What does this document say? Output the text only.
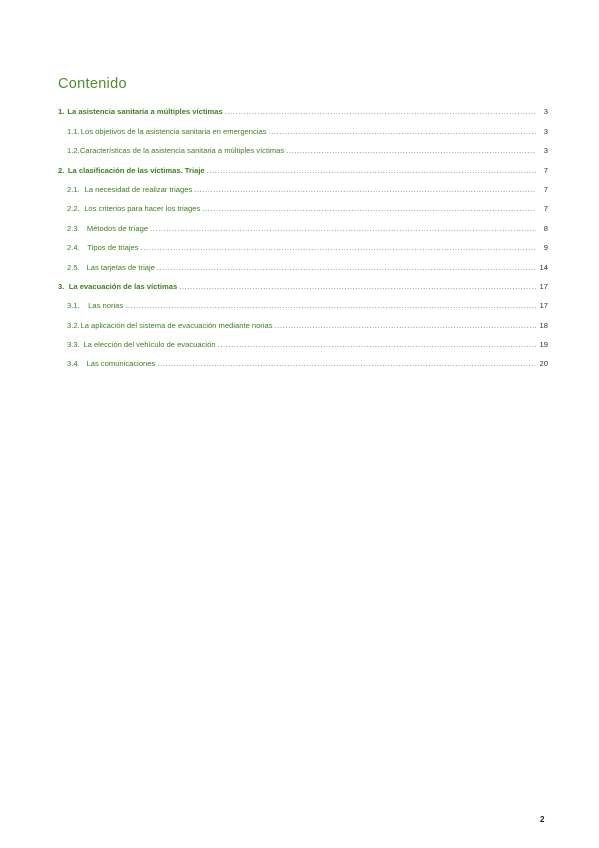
Contenido
1. La asistencia sanitaria a múltiples víctimas .....	3
1.1. Los objetivos de la asistencia sanitaria en emergencias .....	3
1.2. Características de la asistencia sanitaria a múltiples víctimas .....	3
2. La clasificación de las víctimas. Triaje .....	7
2.1. La necesidad de realizar triages .....	7
2.2. Los criterios para hacer los triages .....	7
2.3. Métodos de tríage .....	8
2.4.	Tipos de triajes .....	9
2.5. Las tarjetas de triaje .....	14
3. La evacuación de las víctimas .....	17
3.1.	Las norias .....	17
3.2. La aplicación del sistema de evacuación mediante norias .....	18
3.3. La elección del vehículo de evacuación .....	19
3.4. Las comunicaciones .....	20
2
